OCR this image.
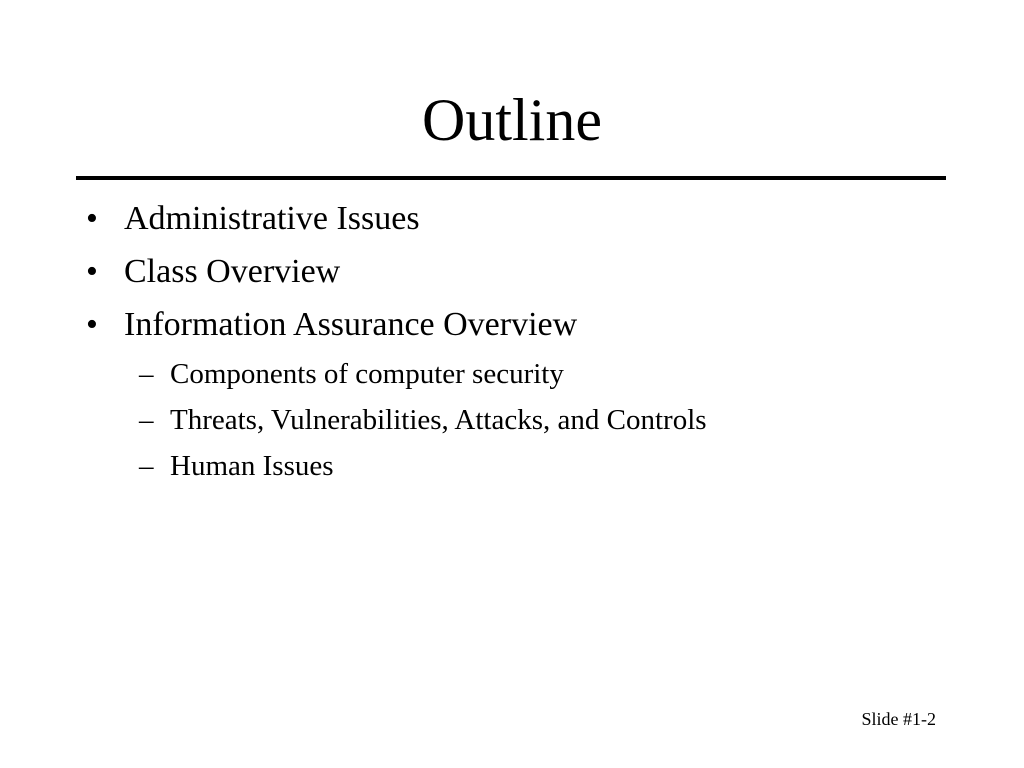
Outline
• Administrative Issues
• Class Overview
• Information Assurance Overview
– Components of computer security
– Threats, Vulnerabilities, Attacks, and Controls
– Human Issues
Slide #1-2
